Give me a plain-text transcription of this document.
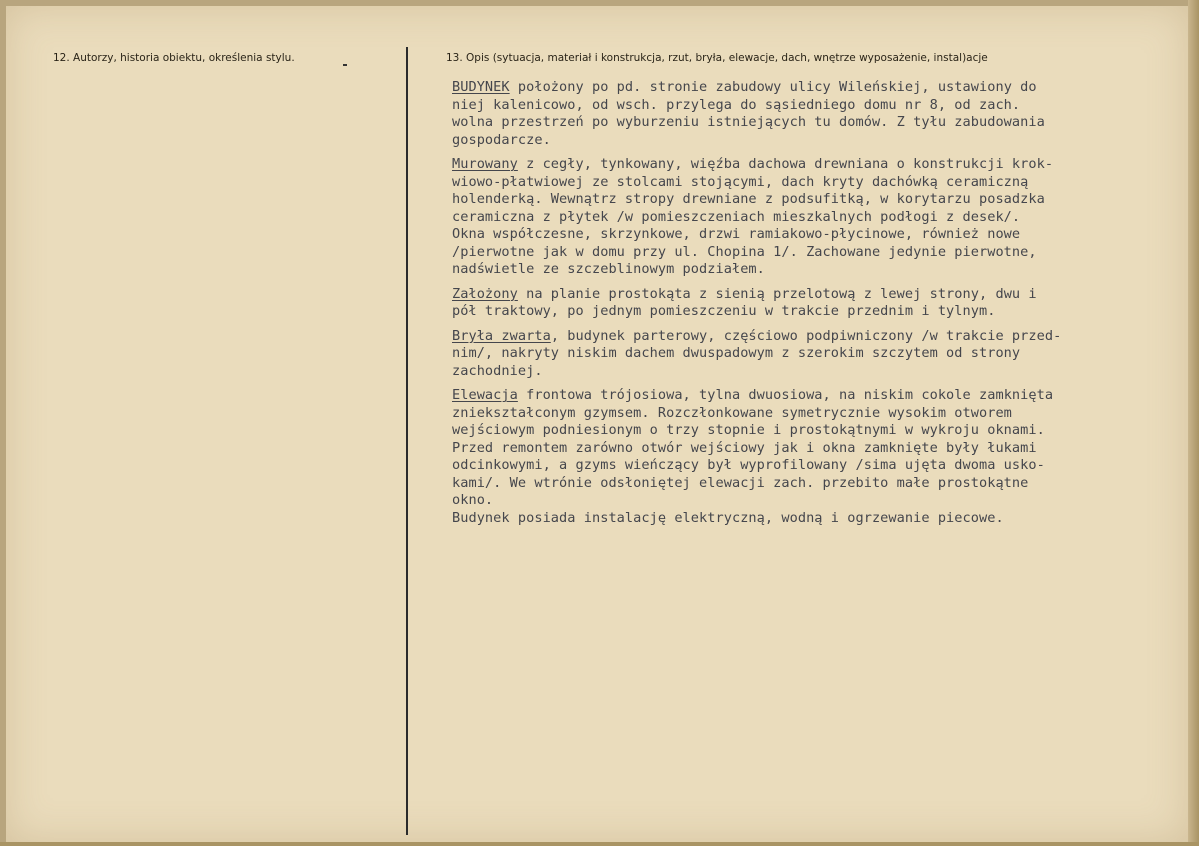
12. Autorzy, historia obiektu, określenia stylu.	13. Opis (sytuacja, materiał i konstrukcja, rzut, bryła, elewacje, dach, wnętrze wyposażenie, instal)acje
BUDYNEK położony po pd. stronie zabudowy ulicy Wileńskiej, ustawiony do
niej kalenicowo, od wsch. przylega do sąsiedniego domu nr 8, od zach.
wolna przestrzeń po wyburzeniu istniejących tu domów. Z tyłu zabudowania
gospodarcze.
Murowany z cegły, tynkowany, więźba dachowa drewniana o konstrukcji krok-
wiowo-płatwiowej ze stolcami stojącymi, dach kryty dachówką ceramiczną
holenderką. Wewnątrz stropy drewniane z podsufitką, w korytarzu posadzka
ceramiczna z płytek /w pomieszczeniach mieszkalnych podłogi z desek/.
Okna współczesne, skrzynkowe, drzwi ramiakowo-płycinowe, również nowe
/pierwotne jak w domu przy ul. Chopina 1/. Zachowane jedynie pierwotne,
nadświetle ze szczeblinowym podziałem.
Założony na planie prostokąta z sienią przelotową z lewej strony, dwu i
pół traktowy, po jednym pomieszczeniu w trakcie przednim i tylnym.
Bryła zwarta, budynek parterowy, częściowo podpiwniczony /w trakcie przed-
nim/, nakryty niskim dachem dwuspadowym z szerokim szczytem od strony
zachodniej.
Elewacja frontowa trójosiowa, tylna dwuosiowa, na niskim cokole zamknięta
zniekształconym gzymsem. Rozczłonkowane symetrycznie wysokim otworem
wejściowym podniesionym o trzy stopnie i prostokątnymi w wykroju oknami.
Przed remontem zarówno otwór wejściowy jak i okna zamknięte były łukami
odcinkowymi, a gzyms wieńczący był wyprofilowany /sima ujęta dwoma usko-
kami/. We wtrónie odsłoniętej elewacji zach. przebito małe prostokątne
okno.
Budynek posiada instalację elektryczną, wodną i ogrzewanie piecowe.
